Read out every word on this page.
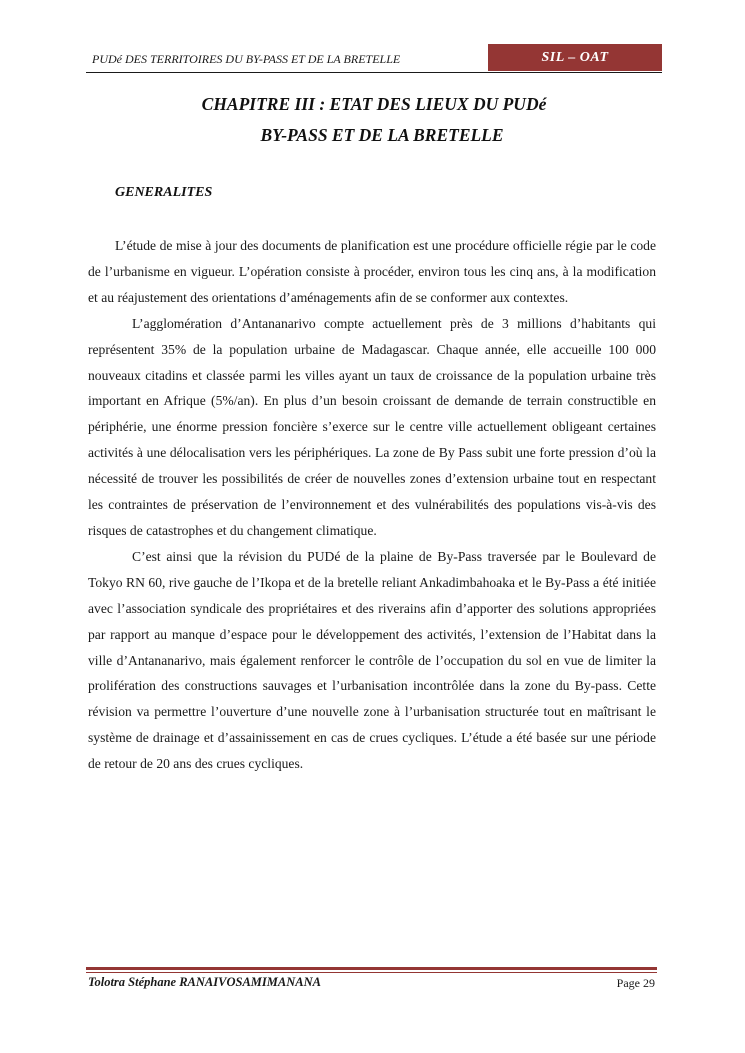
PUDé DES TERRITOIRES DU BY-PASS ET DE LA BRETELLE	SIL – OAT
CHAPITRE III : ETAT DES LIEUX DU PUDé
BY-PASS ET DE LA BRETELLE
GENERALITES

L’étude de mise à jour des documents de planification est une procédure officielle régie par le code de l’urbanisme en vigueur. L’opération consiste à procéder, environ tous les cinq ans, à la modification et au réajustement des orientations d’aménagements afin de se conformer aux contextes.

L’agglomération d’Antananarivo compte actuellement près de 3 millions d’habitants qui représentent 35% de la population urbaine de Madagascar. Chaque année, elle accueille 100 000 nouveaux citadins et classée parmi les villes ayant un taux de croissance de la population urbaine très important en Afrique (5%/an). En plus d’un besoin croissant de demande de terrain constructible en périphérie, une énorme pression foncière s’exerce sur le centre ville actuellement obligeant certaines activités à une délocalisation vers les périphériques. La zone de By Pass subit une forte pression d’où la nécessité de trouver les possibilités de créer de nouvelles zones d’extension urbaine tout en respectant les contraintes de préservation de l’environnement et des vulnérabilités des populations vis-à-vis des risques de catastrophes et du changement climatique.

C’est ainsi que la révision du PUDé de la plaine de By-Pass traversée par le Boulevard de Tokyo RN 60, rive gauche de l’Ikopa et de la bretelle reliant Ankadimbahoaka et le By-Pass a été initiée avec l’association syndicale des propriétaires et des riverains afin d’apporter des solutions appropriées par rapport au manque d’espace pour le développement des activités, l’extension de l’Habitat dans la ville d’Antananarivo, mais également renforcer le contrôle de l’occupation du sol en vue de limiter la prolifération des constructions sauvages et l’urbanisation incontrôlée dans la zone du By-pass. Cette révision va permettre l’ouverture d’une nouvelle zone à l’urbanisation structurée tout en maîtrisant le système de drainage et d’assainissement en cas de crues cycliques. L’étude a été basée sur une période de retour de 20 ans des crues cycliques.

Tolotra Stéphane RANAIVOSAMIMANANA	Page 29
